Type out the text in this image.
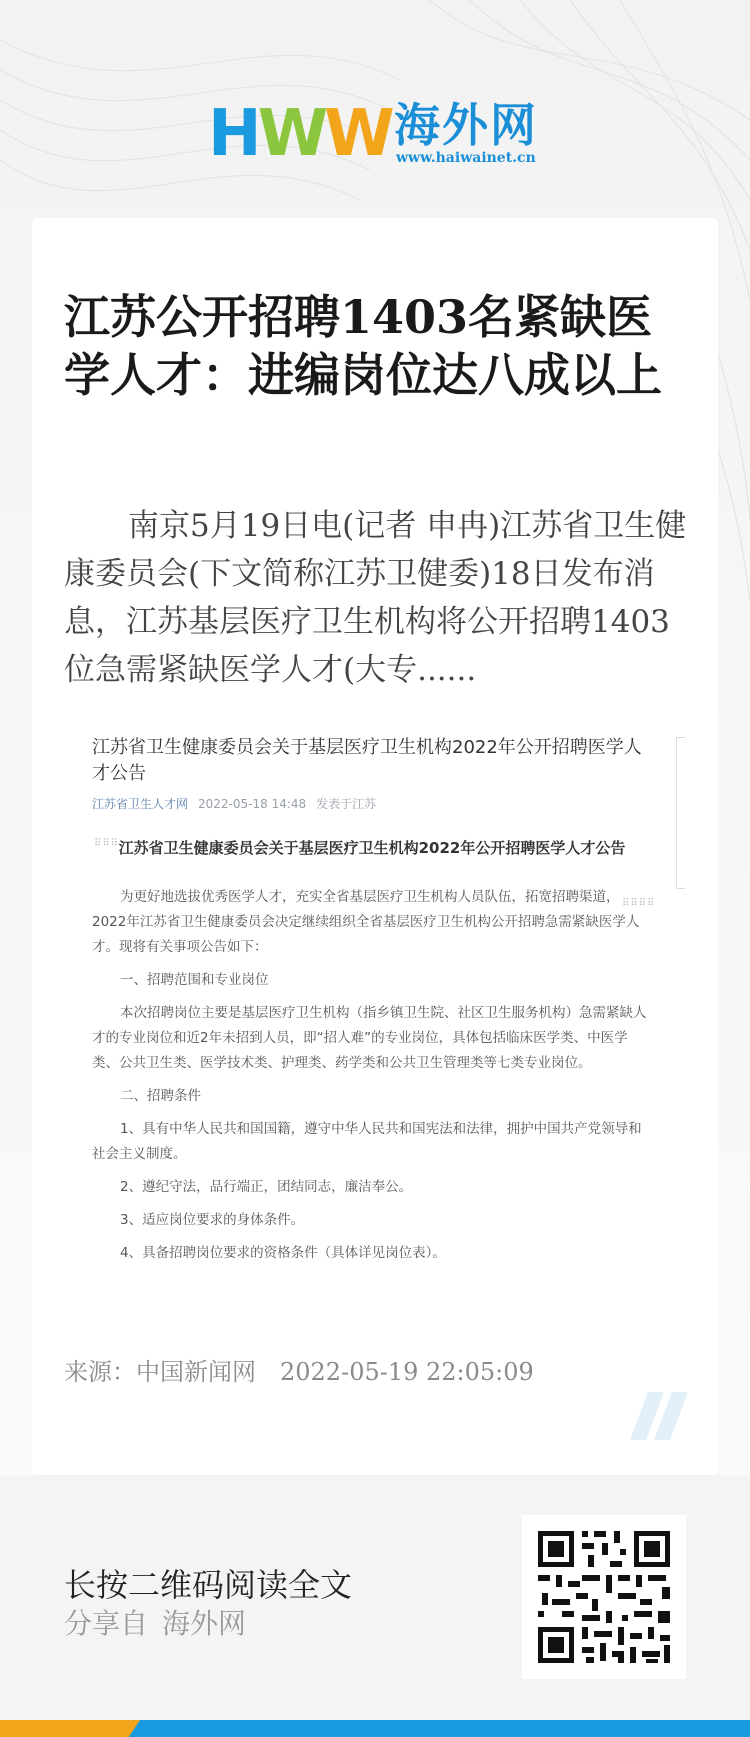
HWW 海外网
www.haiwainet.cn
江苏公开招聘1403名紧缺医学人才：进编岗位达八成以上

南京5月19日电(记者 申冉)江苏省卫生健康委员会(下文简称江苏卫健委)18日发布消息，江苏基层医疗卫生机构将公开招聘1403位急需紧缺医学人才(大专......

江苏省卫生健康委员会关于基层医疗卫生机构2022年公开招聘医学人才公告

江苏省卫生人才网 2022-05-18 14:48 发表于江苏
江苏省卫生健康委员会关于基层医疗卫生机构2022年公开招聘医学人才公告

为更好地选拔优秀医学人才，充实全省基层医疗卫生机构人员队伍，拓宽招聘渠道，2022年江苏省卫生健康委员会决定继续组织全省基层医疗卫生机构公开招聘急需紧缺医学人才。现将有关事项公告如下：

一、招聘范围和专业岗位

本次招聘岗位主要是基层医疗卫生机构（指乡镇卫生院、社区卫生服务机构）急需紧缺人才的专业岗位和近2年未招到人员，即“招人难”的专业岗位，具体包括临床医学类、中医学类、公共卫生类、医学技术类、护理类、药学类和公共卫生管理类等七类专业岗位。

二、招聘条件

1、具有中华人民共和国国籍，遵守中华人民共和国宪法和法律，拥护中国共产党领导和社会主义制度。

2、遵纪守法，品行端正，团结同志，廉洁奉公。

3、适应岗位要求的身体条件。

4、具备招聘岗位要求的资格条件（具体详见岗位表）。

⠿⠿⠿
⠿⠿⠿⠿
来源：中国新闻网 2022-05-19 22:05:09
长按二维码阅读全文
分享自 海外网
